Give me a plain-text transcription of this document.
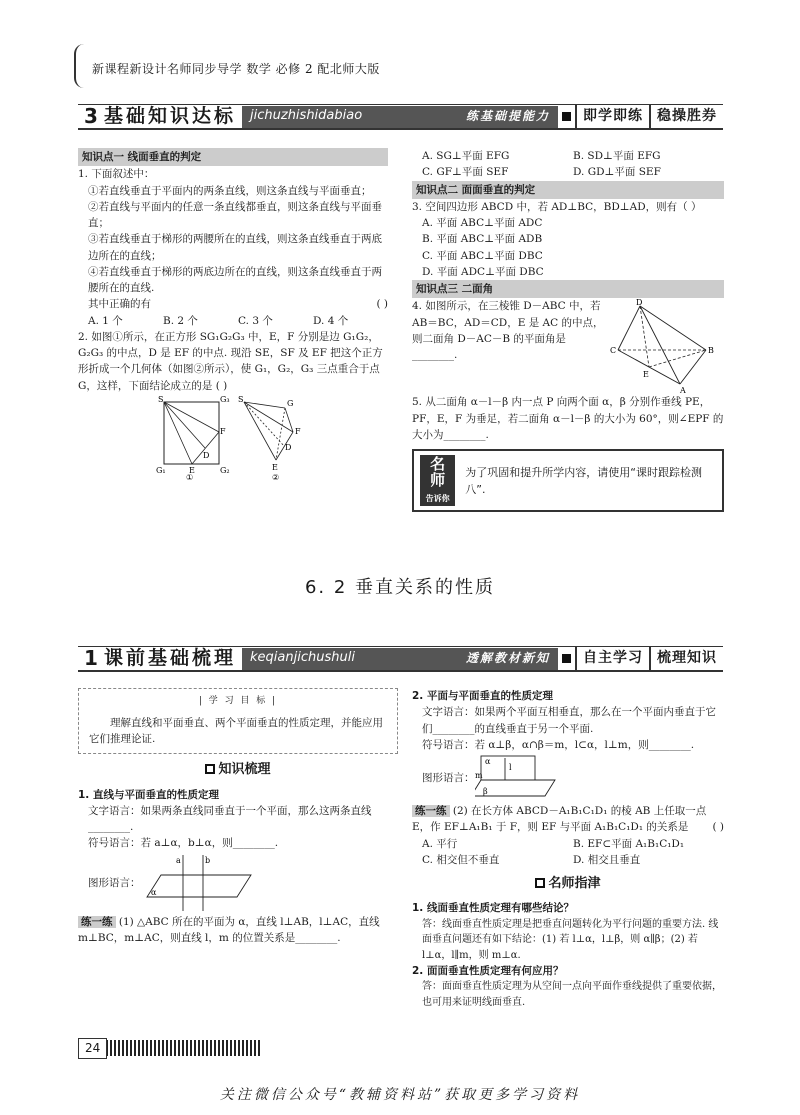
新课程新设计名师同步导学 数学 必修 2 配北师大版
3 基础知识达标 jichuzhishidabiao	练基础提能力	即学即练	稳操胜券
知识点一 线面垂直的判定

1. 下面叙述中：

①若直线垂直于平面内的两条直线，则这条直线与平面垂直；

②若直线与平面内的任意一条直线都垂直，则这条直线与平面垂直；

③若直线垂直于梯形的两腰所在的直线，则这条直线垂直于两底边所在的直线；

④若直线垂直于梯形的两底边所在的直线，则这条直线垂直于两腰所在的直线.

其中正确的有	( )

A. 1 个	B. 2 个	C. 3 个	D. 4 个

2. 如图①所示，在正方形 SG₁G₂G₃ 中，E，F 分别是边 G₁G₂，G₂G₃ 的中点，D 是 EF 的中点. 现沿 SE，SF 及 EF 把这个正方形折成一个几何体（如图②所示），使 G₁，G₂，G₃ 三点重合于点 G，这样，下面结论成立的是 ( )

S	G₃
F
G₁	E
D
G₂
①
S	G
F
D
E
②
A. SG⊥平面 EFG	B. SD⊥平面 EFG
C. GF⊥平面 SEF	D. GD⊥平面 SEF
知识点二 面面垂直的判定

3. 空间四边形 ABCD 中，若 AD⊥BC，BD⊥AD，则有（ ）

A. 平面 ABC⊥平面 ADC

B. 平面 ABC⊥平面 ADB

C. 平面 ABC⊥平面 DBC

D. 平面 ADC⊥平面 DBC

知识点三 二面角

4. 如图所示，在三棱锥 D－ABC 中，若 AB＝BC，AD＝CD，E 是 AC 的中点，则二面角 D－AC－B 的平面角是________.

D
C	B
E
A

5. 从二面角 α－l－β 内一点 P 向两个面 α，β 分别作垂线 PE，PF，E，F 为垂足，若二面角 α－l－β 的大小为 60°，则∠EPF 的大小为________.

名师
告诉你
为了巩固和提升所学内容，请使用“课时跟踪检测八”.
6. 2 垂直关系的性质
1 课前基础梳理 keqianjichushuli	透解教材新知	自主学习	梳理知识
| 学 习 目 标 |

理解直线和平面垂直、两个平面垂直的性质定理，并能应用它们推理论证.

知识梳理

1. 直线与平面垂直的性质定理

文字语言：如果两条直线同垂直于一个平面，那么这两条直线________.

符号语言：若 a⊥α，b⊥α，则________.

图形语言：
a	b
α

练一练 (1) △ABC 所在的平面为 α，直线 l⊥AB，l⊥AC，直线 m⊥BC，m⊥AC，则直线 l，m 的位置关系是________.

2. 平面与平面垂直的性质定理

文字语言：如果两个平面互相垂直，那么在一个平面内垂直于它们________的直线垂直于另一个平面.

符号语言：若 α⊥β，α∩β＝m，l⊂α，l⊥m，则________.

图形语言：
α
l
m
β

练一练 (2) 在长方体 ABCD－A₁B₁C₁D₁ 的棱 AB 上任取一点 E，作 EF⊥A₁B₁ 于 F，则 EF 与平面 A₁B₁C₁D₁ 的关系是 ( )

A. 平行	B. EF⊂平面 A₁B₁C₁D₁
C. 相交但不垂直	D. 相交且垂直
名师指津

1. 线面垂直性质定理有哪些结论？

答：线面垂直性质定理是把垂直问题转化为平行问题的重要方法. 线面垂直问题还有如下结论：(1) 若 l⊥α，l⊥β，则 α∥β；(2) 若 l⊥α，l∥m，则 m⊥α.

2. 面面垂直性质定理有何应用？

答：面面垂直性质定理为从空间一点向平面作垂线提供了重要依据，也可用来证明线面垂直.

24
关注微信公众号“教辅资料站”获取更多学习资料
